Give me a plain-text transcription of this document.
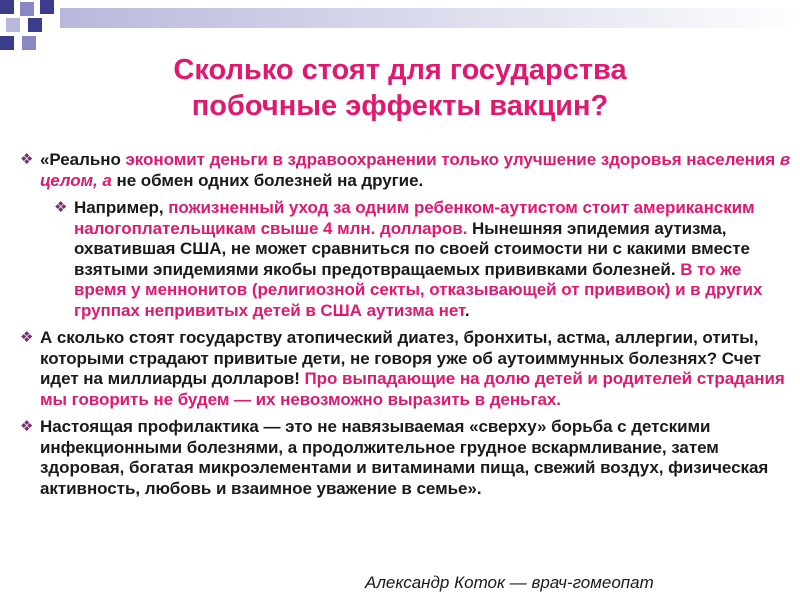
Сколько стоят для государства
побочные эффекты вакцин?
❖ «Реально экономит деньги в здравоохранении только улучшение здоровья населения в целом, а не обмен одних болезней на другие.
❖ Например, пожизненный уход за одним ребенком-аутистом стоит американским налогоплательщикам свыше 4 млн. долларов. Нынешняя эпидемия аутизма, охватившая США, не может сравниться по своей стоимости ни с какими вместе взятыми эпидемиями якобы предотвращаемых прививками болезней. В то же время у меннонитов (религиозной секты, отказывающей от прививок) и в других группах непривитых детей в США аутизма нет.
❖ А сколько стоят государству атопический диатез, бронхиты, астма, аллергии, отиты, которыми страдают привитые дети, не говоря уже об аутоиммунных болезнях? Счет идет на миллиарды долларов! Про выпадающие на долю детей и родителей страдания мы говорить не будем — их невозможно выразить в деньгах.
❖ Настоящая профилактика — это не навязываемая «сверху» борьба с детскими инфекционными болезнями, а продолжительное грудное вскармливание, затем здоровая, богатая микроэлементами и витаминами пища, свежий воздух, физическая активность, любовь и взаимное уважение в семье».
Александр Коток — врач-гомеопат
